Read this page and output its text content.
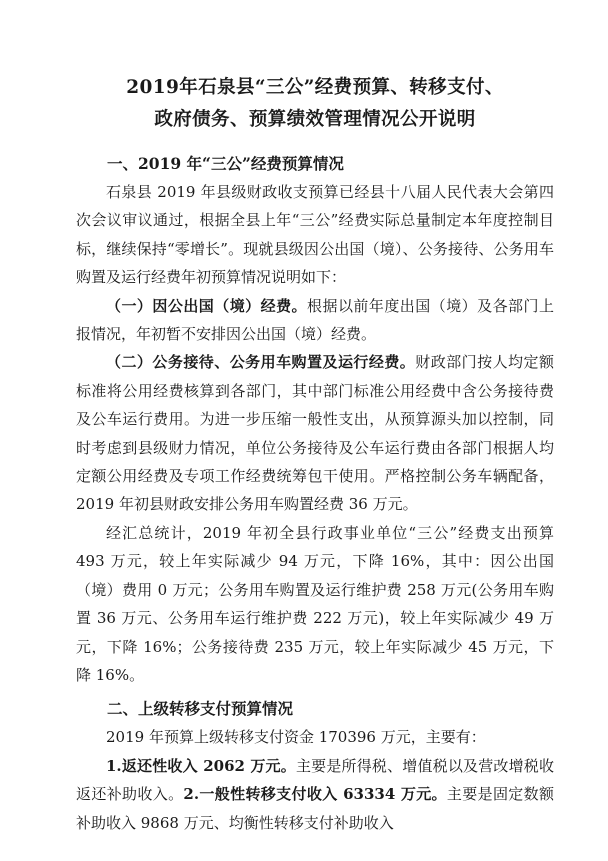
2019年石泉县“三公”经费预算、转移支付、
政府债务、预算绩效管理情况公开说明
一、2019 年“三公”经费预算情况

石泉县 2019 年县级财政收支预算已经县十八届人民代表大会第四次会议审议通过，根据全县上年“三公”经费实际总量制定本年度控制目标，继续保持“零增长”。现就县级因公出国（境）、公务接待、公务用车购置及运行经费年初预算情况说明如下：

（一）因公出国（境）经费。根据以前年度出国（境）及各部门上报情况，年初暂不安排因公出国（境）经费。

（二）公务接待、公务用车购置及运行经费。财政部门按人均定额标准将公用经费核算到各部门，其中部门标准公用经费中含公务接待费及公车运行费用。为进一步压缩一般性支出，从预算源头加以控制，同时考虑到县级财力情况，单位公务接待及公车运行费由各部门根据人均定额公用经费及专项工作经费统筹包干使用。严格控制公务车辆配备，2019 年初县财政安排公务用车购置经费 36 万元。

经汇总统计，2019 年初全县行政事业单位“三公”经费支出预算 493 万元，较上年实际减少 94 万元，下降 16%，其中：因公出国（境）费用 0 万元；公务用车购置及运行维护费 258 万元(公务用车购置 36 万元、公务用车运行维护费 222 万元)，较上年实际减少 49 万元，下降 16%；公务接待费 235 万元，较上年实际减少 45 万元，下降 16%。

二、上级转移支付预算情况

2019 年预算上级转移支付资金 170396 万元，主要有：

1.返还性收入 2062 万元。主要是所得税、增值税以及营改增税收返还补助收入。2.一般性转移支付收入 63334 万元。主要是固定数额补助收入 9868 万元、均衡性转移支付补助收入
